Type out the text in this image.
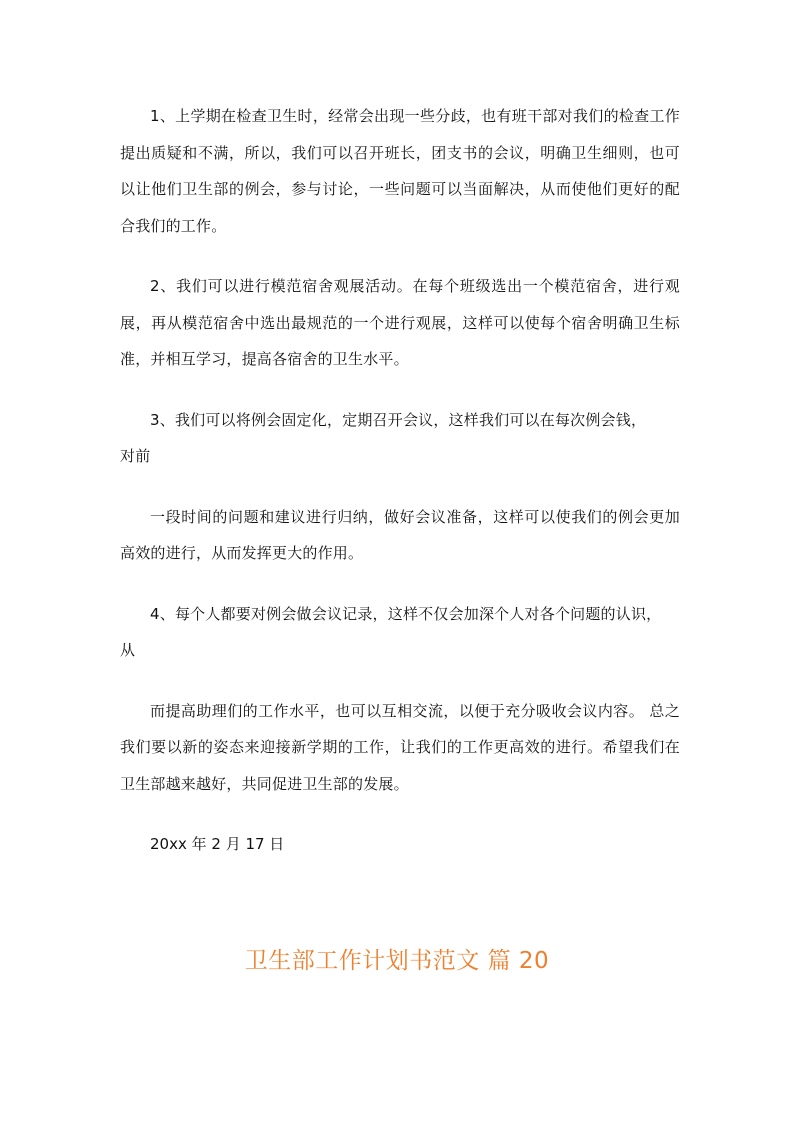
1、上学期在检查卫生时，经常会出现一些分歧，也有班干部对我们的检查工作提出质疑和不满，所以，我们可以召开班长，团支书的会议，明确卫生细则，也可以让他们卫生部的例会，参与讨论，一些问题可以当面解决，从而使他们更好的配合我们的工作。

2、我们可以进行模范宿舍观展活动。在每个班级选出一个模范宿舍，进行观展，再从模范宿舍中选出最规范的一个进行观展，这样可以使每个宿舍明确卫生标准，并相互学习，提高各宿舍的卫生水平。

3、我们可以将例会固定化，定期召开会议，这样我们可以在每次例会钱，

对前

一段时间的问题和建议进行归纳，做好会议准备，这样可以使我们的例会更加高效的进行，从而发挥更大的作用。

4、每个人都要对例会做会议记录，这样不仅会加深个人对各个问题的认识，

从

而提高助理们的工作水平，也可以互相交流，以便于充分吸收会议内容。 总之我们要以新的姿态来迎接新学期的工作，让我们的工作更高效的进行。希望我们在卫生部越来越好，共同促进卫生部的发展。

20xx 年 2 月 17 日

卫生部工作计划书范文 篇 20
